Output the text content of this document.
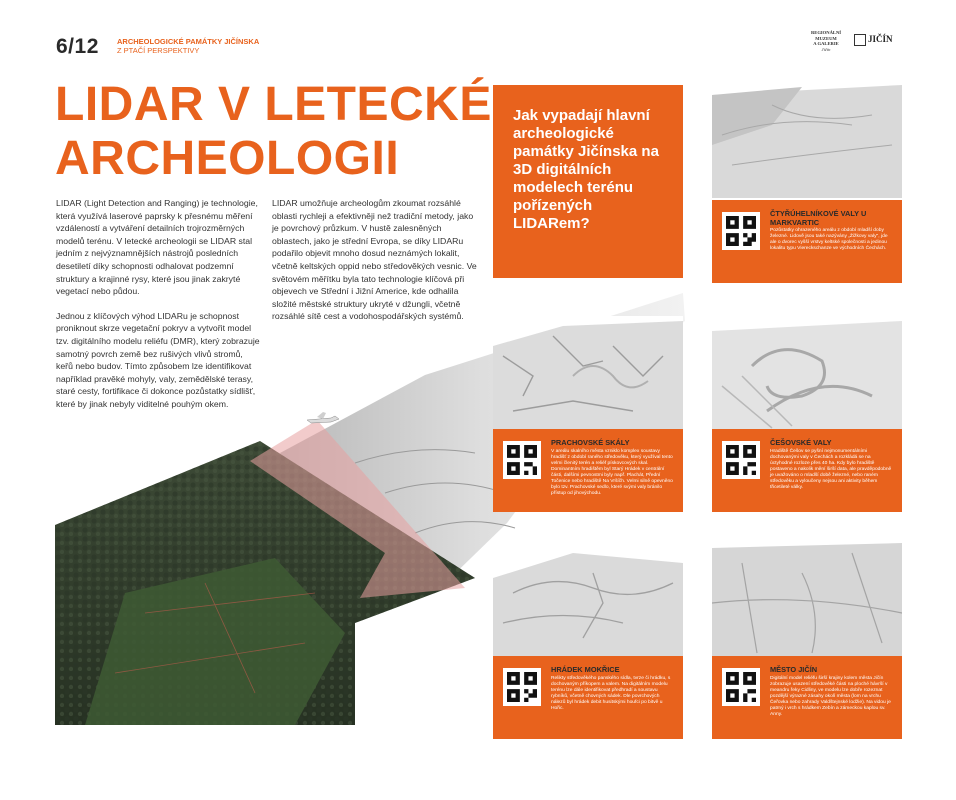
6/12 ARCHEOLOGICKÉ PAMÁTKY JIČÍNSKA
Z PTAČÍ PERSPEKTIVY
REGIONÁLNÍ
MUZEUM
A GALERIE
Jičín
JIČÍN
LIDAR V LETECKÉ
ARCHEOLOGII

LIDAR (Light Detection and Ranging) je technologie, která využívá laserové paprsky k přesnému měření vzdáleností a vytváření detailních trojrozměrných modelů terénu. V letecké archeologii se LIDAR stal jedním z nejvýznamnějších nástrojů posledních desetiletí díky schopnosti odhalovat podzemní struktury a krajinné rysy, které jsou jinak zakryté vegetací nebo půdou.

Jednou z klíčových výhod LIDARu je schopnost proniknout skrze vegetační pokryv a vytvořit model tzv. digitálního modelu reliéfu (DMR), který zobrazuje samotný povrch země bez rušivých vlivů stromů, keřů nebo budov. Tímto způsobem lze identifikovat například pravěké mohyly, valy, zemědělské terasy, staré cesty, fortifikace či dokonce pozůstatky sídlišť, které by jinak nebyly viditelné pouhým okem.

LIDAR umožňuje archeologům zkoumat rozsáhlé oblasti rychleji a efektivněji než tradiční metody, jako je povrchový průzkum. V hustě zalesněných oblastech, jako je střední Evropa, se díky LIDARu podařilo objevit mnoho dosud neznámých lokalit, včetně keltských oppid nebo středověkých vesnic. Ve světovém měřítku byla tato technologie klíčová při objevech ve Střední i Jižní Americe, kde odhalila složité městské struktury ukryté v džungli, včetně rozsáhlé sítě cest a vodohospodářských systémů.

Jak vypadají hlavní archeologické památky Jičínska na 3D digitálních modelech terénu pořízených LIDARem?
ČTYŘÚHELNÍKOVÉ VALY U MARKVARTIC
Pozůstatky ohrazeného areálu z období mladší doby železné. Lidově jsou také nazývány „Žižkovy valy", jde ale o dvorec vyšší vrstvy keltské společnosti a jedinou lokalitu typu Viereckschanze ve východních Čechách.
PRACHOVSKÉ SKÁLY
V areálu skalního města vzniklo komplex soustavy hradišť z období raného středověku, který využíval tento velmi členitý terén a reliéf pískovcových skal. Dominantním hradištěm byl Starý Hrádek v centrální části, dalšími pevnostmi byly např. Plachát, Přední Točenice nebo hradiště Na Vršíčh. Velmi silně opevněno bylo tzv. Prachovské sedlo, které svými valy bránilo přístup od jihovýchodu.
ČEŠOVSKÉ VALY
Hradiště Češov se pyšní nejmonumentálními dochovanými valy v Čechách a rozkládá se na úctyhodné rozloze přes 40 ha. Kdy bylo hradiště postaveno a nakolik mění širší data, ale pravděpodobně je uvažováno o mladší době železné, nebo raném středověku a vyloučeny nejsou ani aktivity během třicetileté války.
HRÁDEK MOKŘICE
Relikty středověkého panského sídla, tvrze či hrádku, s dochovaným příkopem a valem. Na digitálním modelu terénu lze dále identifikovat předhradí a soustavu rybníků, včetně chovných sádek. Dle povrchových nálezů byl hrádek debit husitskými houfci po bitvě u Hořic.
MĚSTO JIČÍN
Digitální model reliéfu širší krajiny kolem města Jičín zobrazuje usazení středověké části na ploché hávrší v meandru řeky Cidliny, ve modelu lze dobře rozeznat pozdější výrazné zásahy okolí města (lom na vrchu Čeřovka nebo zahrady Valdštejnské lodžie). Na vidou je patrný i vrch s hrádkem Zebín a zámeckou kaplou sv. Anny.
